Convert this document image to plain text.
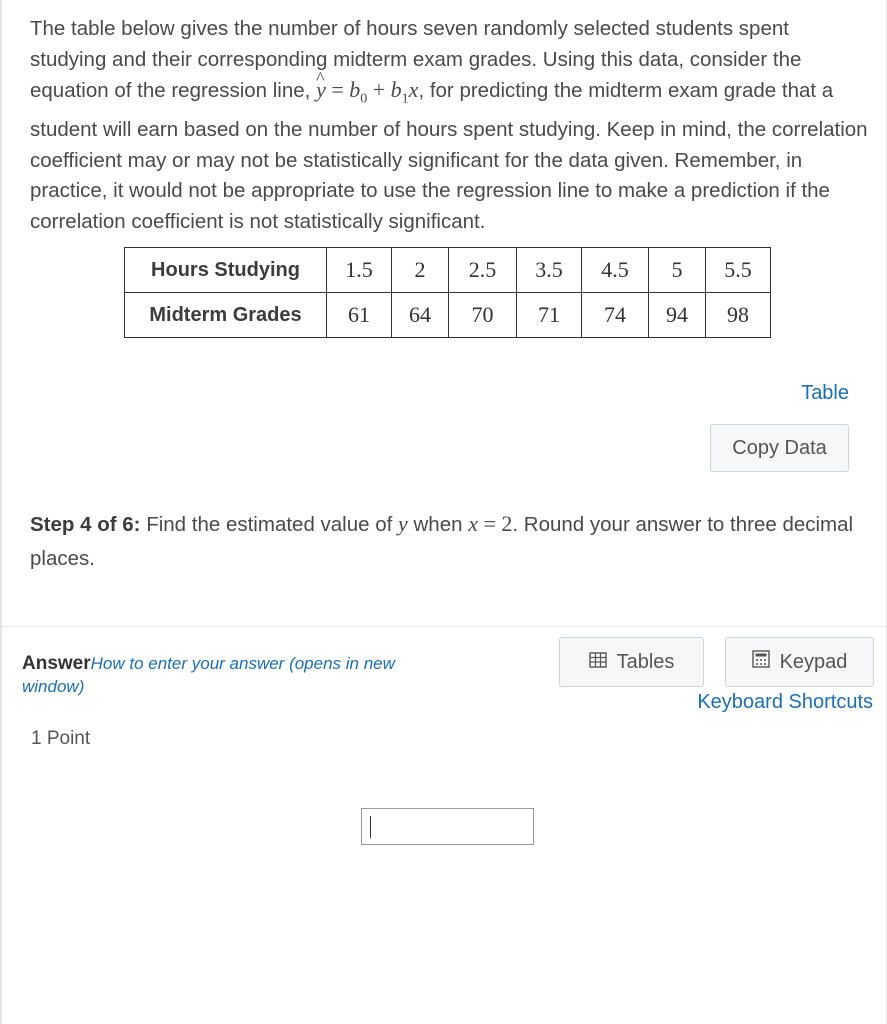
The table below gives the number of hours seven randomly selected students spent studying and their corresponding midterm exam grades. Using this data, consider the equation of the regression line, ^ $y = b_0 + b_1x$, for predicting the midterm exam grade that a student will earn based on the number of hours spent studying. Keep in mind, the correlation coefficient may or may not be statistically significant for the data given. Remember, in practice, it would not be appropriate to use the regression line to make a prediction if the correlation coefficient is not statistically significant.
Hours Studying	1.5	2	2.5	3.5	4.5	5	5.5
Midterm Grades	61	64	70	71	74	94	98
Table
Copy Data
Step 4 of 6: Find the estimated value of y when x = 2. Round your answer to three decimal places.
AnswerHow to enter your answer (opens in new
window)
Tables	Keypad
Keyboard Shortcuts
1 Point
